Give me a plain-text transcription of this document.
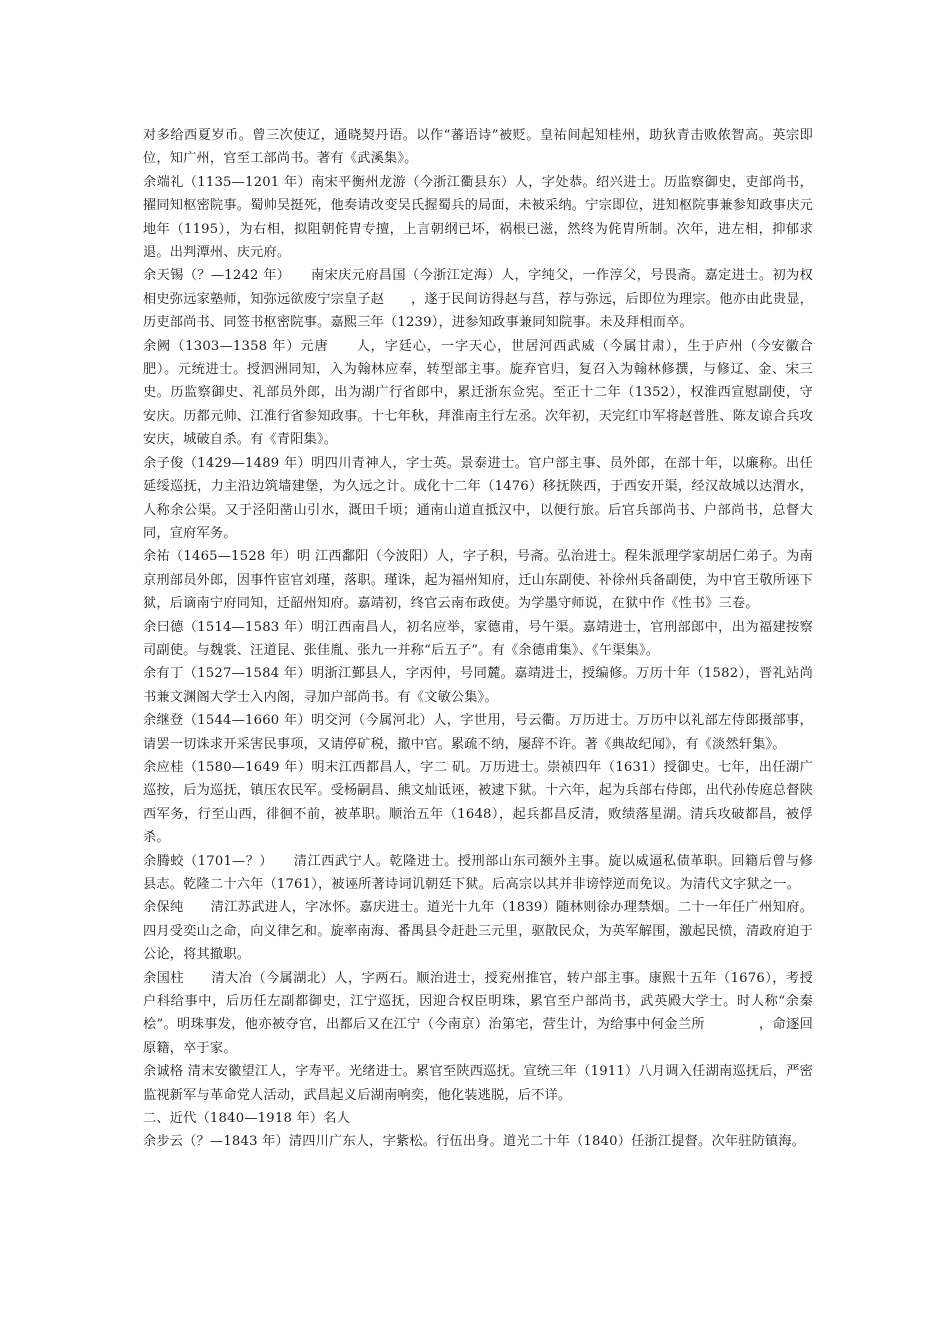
对多给西夏岁币。曾三次使辽，通晓契丹语。以作“蕃语诗”被贬。皇祐间起知桂州，助狄青击败侬智高。英宗即位，知广州，官至工部尚书。著有《武溪集》。

余端礼（1135—1201 年）南宋平衡州龙游（今浙江衢县东）人，字处恭。绍兴进士。历监察御史，吏部尚书，擢同知枢密院事。蜀帅吴挺死，他奏请改变吴氏握蜀兵的局面，未被采纳。宁宗即位，进知枢院事兼参知政事庆元地年（1195），为右相，拟阻朝侂胄专擅，上言朝纲已坏，祸根已滋，然终为侂胄所制。次年，进左相，抑郁求退。出判潭州、庆元府。

余天锡（？—1242 年）　　南宋庆元府昌国（今浙江定海）人，字纯父，一作淳父，号畏斋。嘉定进士。初为权相史弥远家塾师，知弥远欲废宁宗皇子赵　　，遂于民间访得赵与莒，荐与弥远，后即位为理宗。他亦由此贵显，历吏部尚书、同签书枢密院事。嘉熙三年（1239），进参知政事兼同知院事。未及拜相而卒。

余阙（1303—1358 年）元唐　　人，字廷心，一字天心，世居河西武威（今属甘肃），生于庐州（今安徽合肥）。元统进士。授泗洲同知，入为翰林应奉，转型部主事。旋弃官归，复召入为翰林修撰，与修辽、金、宋三史。历监察御史、礼部员外郎，出为湖广行省郎中，累迁浙东佥宪。至正十二年（1352），权淮西宣慰副使，守安庆。历都元帅、江淮行省参知政事。十七年秋，拜淮南主行左丞。次年初，天完红巾军将赵普胜、陈友谅合兵攻安庆，城破自杀。有《青阳集》。

余子俊（1429—1489 年）明四川青神人，字士英。景泰进士。官户部主事、员外郎，在部十年，以廉称。出任延绥巡抚，力主沿边筑墙建堡，为久远之计。成化十二年（1476）移抚陕西，于西安开渠，经汉故城以达渭水，人称余公渠。又于泾阳凿山引水，溉田千顷；通南山道直抵汉中，以便行旅。后官兵部尚书、户部尚书，总督大同，宣府军务。

余祐（1465—1528 年）明 江西鄱阳（今波阳）人，字子积，号斋。弘治进士。程朱派理学家胡居仁弟子。为南京刑部员外郎，因事忤宦官刘瑾，落职。瑾诛，起为福州知府，迁山东副使、补徐州兵备副使，为中官王敬所诬下狱，后谪南宁府同知，迁韶州知府。嘉靖初，终官云南布政使。为学墨守师说，在狱中作《性书》三卷。

余曰德（1514—1583 年）明江西南昌人，初名应举，家德甫，号午渠。嘉靖进士，官刑部郎中，出为福建按察司副使。与魏裳、汪道昆、张佳胤、张九一并称“后五子”。有《余德甫集》、《午渠集》。

余有丁（1527—1584 年）明浙江鄞县人，字丙仲，号同麓。嘉靖进士，授编修。万历十年（1582），晋礼站尚书兼文渊阁大学士入内阁，寻加户部尚书。有《文敏公集》。

余继登（1544—1660 年）明交河（今属河北）人，字世用，号云衢。万历进士。万历中以礼部左侍郎摄部事，请罢一切诛求开采害民事项，又请停矿税，撤中官。累疏不纳，屡辞不许。著《典故纪闻》，有《淡然轩集》。

余应桂（1580—1649 年）明末江西都昌人，字二 矶。万历进士。崇祯四年（1631）授御史。七年，出任湖广巡按，后为巡抚，镇压农民军。受杨嗣昌、熊文灿诋诬，被逮下狱。十六年，起为兵部右侍郎，出代孙传庭总督陕西军务，行至山西，徘徊不前，被革职。顺治五年（1648），起兵都昌反清，败绩落星湖。清兵攻破都昌，被俘杀。

余腾蛟（1701—？）　　清江西武宁人。乾隆进士。授刑部山东司额外主事。旋以威逼私债革职。回籍后曾与修县志。乾隆二十六年（1761），被诬所著诗词讥朝廷下狱。后高宗以其并非谤悖逆而免议。为清代文字狱之一。

余保纯　　清江苏武进人，字冰怀。嘉庆进士。道光十九年（1839）随林则徐办理禁烟。二十一年任广州知府。四月受奕山之命，向义律乞和。旋率南海、番禺县令赶赴三元里，驱散民众，为英军解围，激起民愤，清政府迫于公论，将其撤职。

余国柱　　清大冶（今属湖北）人，字两石。顺治进士，授兖州推官，转户部主事。康熙十五年（1676），考授户科给事中，后历任左副都御史，江宁巡抚，因迎合权臣明珠，累官至户部尚书，武英殿大学士。时人称“余秦桧”。明珠事发，他亦被夺官，出都后又在江宁（今南京）治第宅，营生计，为给事中何金兰所　　　　，命逐回原籍，卒于家。

余诚格 清末安徽望江人，字寿平。光绪进士。累官至陕西巡抚。宣统三年（1911）八月调入任湖南巡抚后，严密监视新军与革命党人活动，武昌起义后湖南响奕，他化装逃脱，后不详。

二、近代（1840—1918 年）名人

余步云（？—1843 年）清四川广东人，字紫松。行伍出身。道光二十年（1840）任浙江提督。次年驻防镇海。
